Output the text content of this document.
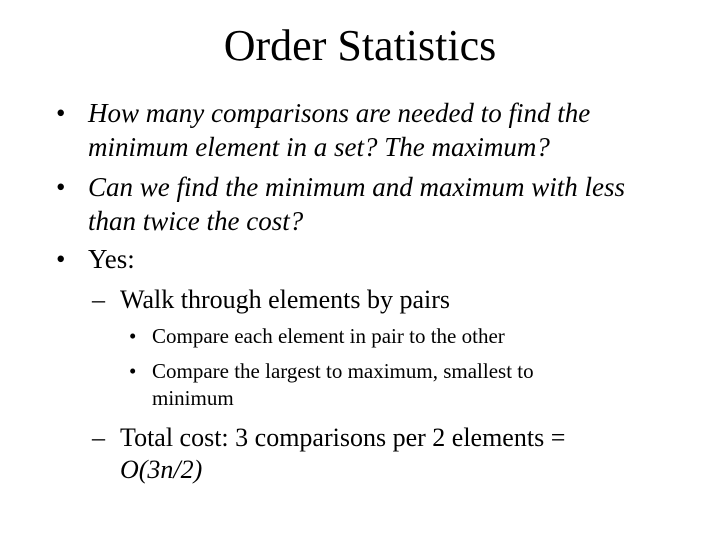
Order Statistics
• How many comparisons are needed to find the
minimum element in a set? The maximum?
• Can we find the minimum and maximum with less
than twice the cost?
• Yes:
– Walk through elements by pairs
• Compare each element in pair to the other
• Compare the largest to maximum, smallest to
minimum
– Total cost: 3 comparisons per 2 elements =
O(3n/2)
